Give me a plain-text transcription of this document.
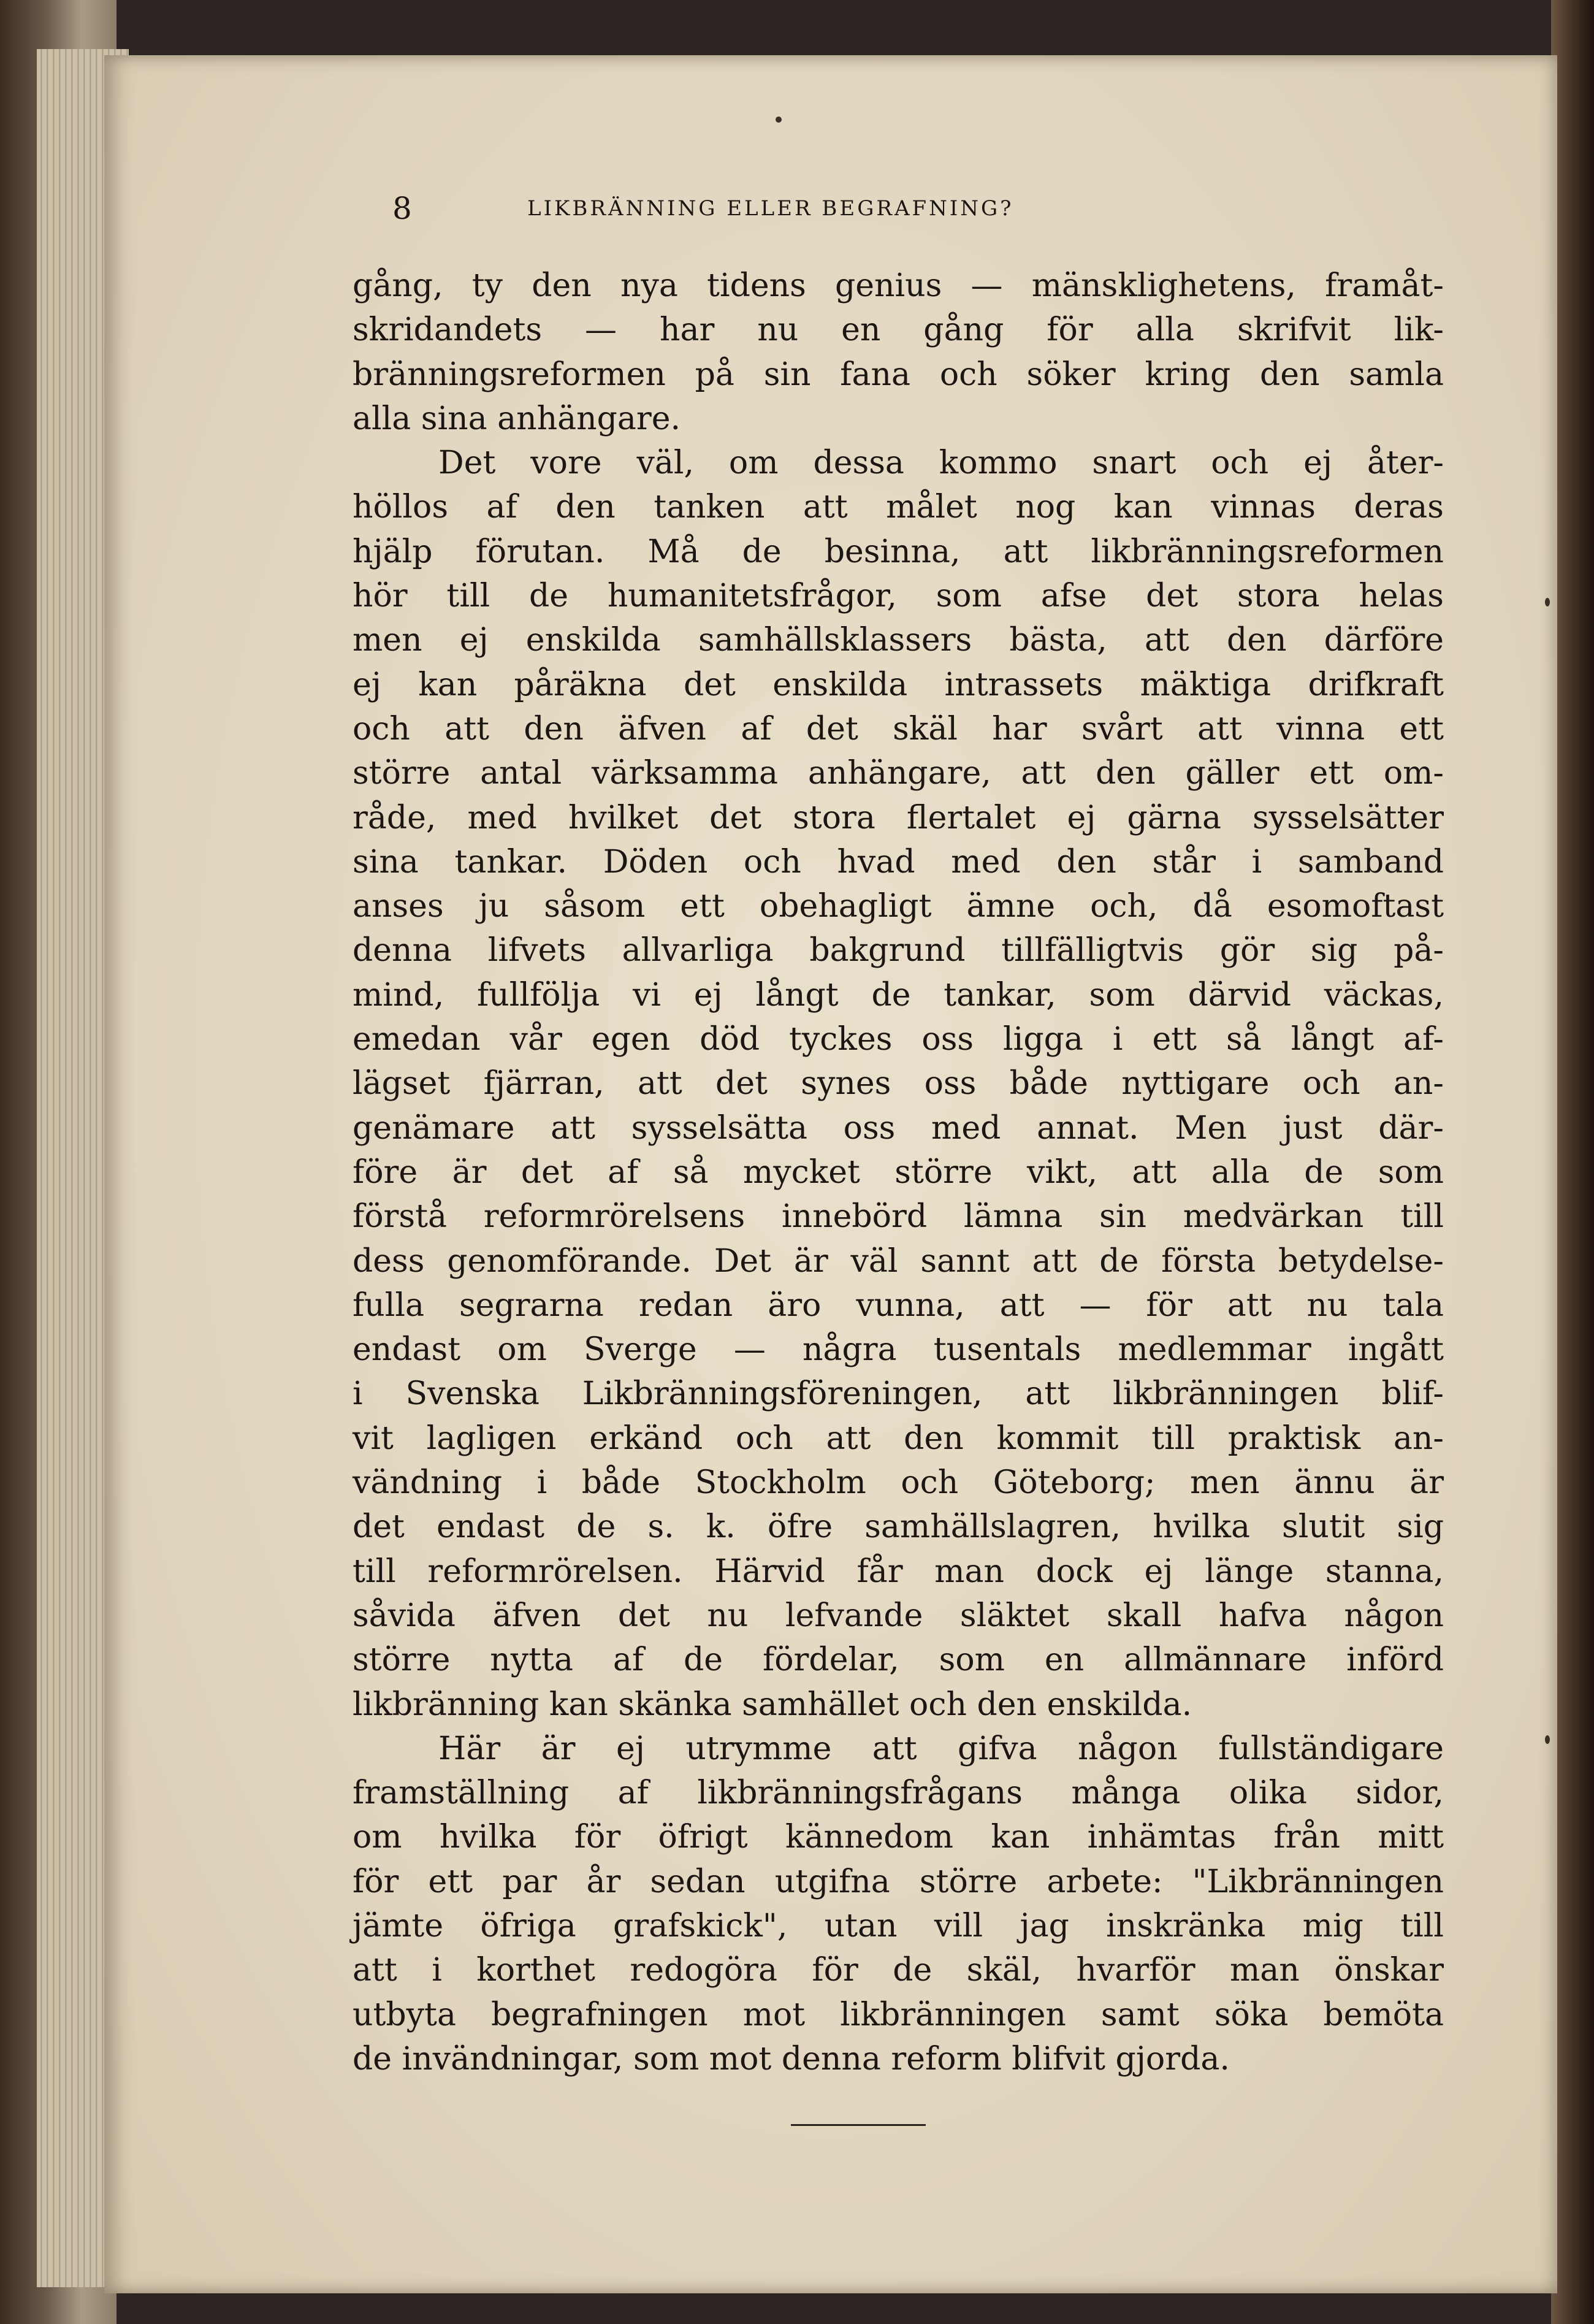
8	LIKBRÄNNING ELLER BEGRAFNING?
gång, ty den nya tidens genius — mänsklighetens, framåt-
skridandets — har nu en gång för alla skrifvit lik-
bränningsreformen på sin fana och söker kring den samla
alla sina anhängare.
Det vore väl, om dessa kommo snart och ej åter-
höllos af den tanken att målet nog kan vinnas deras
hjälp förutan. Må de besinna, att likbränningsreformen
hör till de humanitetsfrågor, som afse det stora helas
men ej enskilda samhällsklassers bästa, att den därföre
ej kan påräkna det enskilda intrassets mäktiga drifkraft
och att den äfven af det skäl har svårt att vinna ett
större antal värksamma anhängare, att den gäller ett om-
råde, med hvilket det stora flertalet ej gärna sysselsätter
sina tankar. Döden och hvad med den står i samband
anses ju såsom ett obehagligt ämne och, då esomoftast
denna lifvets allvarliga bakgrund tillfälligtvis gör sig på-
mind, fullfölja vi ej långt de tankar, som därvid väckas,
emedan vår egen död tyckes oss ligga i ett så långt af-
lägset fjärran, att det synes oss både nyttigare och an-
genämare att sysselsätta oss med annat. Men just där-
före är det af så mycket större vikt, att alla de som
förstå reformrörelsens innebörd lämna sin medvärkan till
dess genomförande. Det är väl sannt att de första betydelse-
fulla segrarna redan äro vunna, att — för att nu tala
endast om Sverge — några tusentals medlemmar ingått
i Svenska Likbränningsföreningen, att likbränningen blif-
vit lagligen erkänd och att den kommit till praktisk an-
vändning i både Stockholm och Göteborg; men ännu är
det endast de s. k. öfre samhällslagren, hvilka slutit sig
till reformrörelsen. Härvid får man dock ej länge stanna,
såvida äfven det nu lefvande släktet skall hafva någon
större nytta af de fördelar, som en allmännare införd
likbränning kan skänka samhället och den enskilda.
Här är ej utrymme att gifva någon fullständigare
framställning af likbränningsfrågans många olika sidor,
om hvilka för öfrigt kännedom kan inhämtas från mitt
för ett par år sedan utgifna större arbete: "Likbränningen
jämte öfriga grafskick", utan vill jag inskränka mig till
att i korthet redogöra för de skäl, hvarför man önskar
utbyta begrafningen mot likbränningen samt söka bemöta
de invändningar, som mot denna reform blifvit gjorda.
